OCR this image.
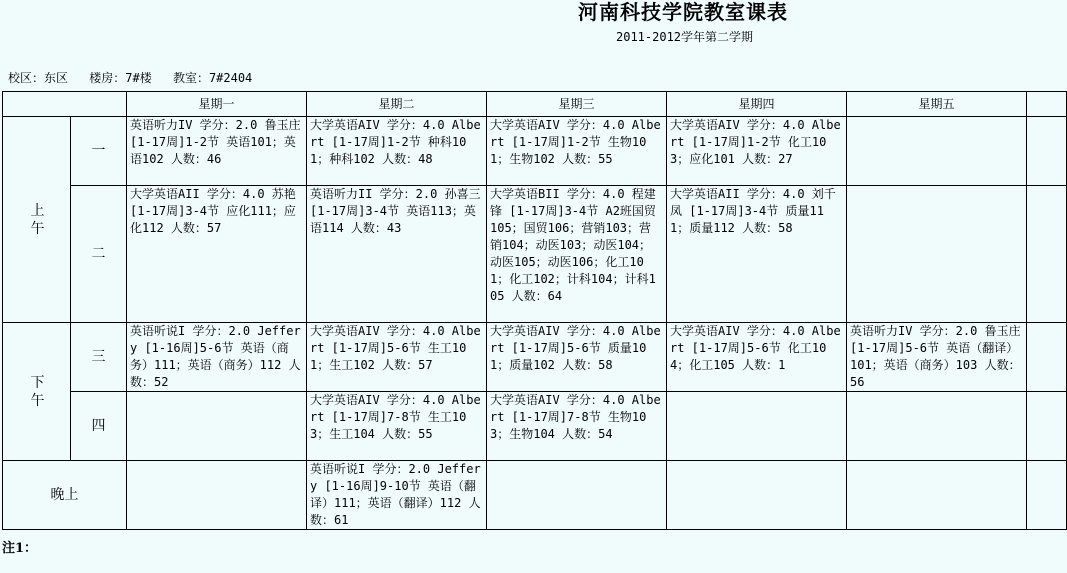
河南科技学院教室课表
2011-2012学年第二学期
校区：东区 楼房：7#楼 教室：7#2404
		星期一	星期二	星期三	星期四	星期五	

上午	一	英语听力IV 学分：2.0 鲁玉庄 [1-17周]1-2节 英语101；英语102 人数：46	大学英语AIV 学分：4.0 Albert [1-17周]1-2节 种科101；种科102 人数：48	大学英语AIV 学分：4.0 Albert [1-17周]1-2节 生物101；生物102 人数：55	大学英语AIV 学分：4.0 Albert [1-17周]1-2节 化工103；应化101 人数：27		
	二	大学英语AII 学分：4.0 苏艳 [1-17周]3-4节 应化111；应化112 人数：57	英语听力II 学分：2.0 孙喜三 [1-17周]3-4节 英语113；英语114 人数：43	大学英语BII 学分：4.0 程建锋 [1-17周]3-4节 A2班国贸105；国贸106；营销103；营销104；动医103；动医104；动医105；动医106；化工101；化工102；计科104；计科105 人数：64	大学英语AII 学分：4.0 刘千凤 [1-17周]3-4节 质量111；质量112 人数：58		

下午	三	英语听说I 学分：2.0 Jeffery [1-16周]5-6节 英语（商务）111；英语（商务）112 人数：52	大学英语AIV 学分：4.0 Albert [1-17周]5-6节 生工101；生工102 人数：57	大学英语AIV 学分：4.0 Albert [1-17周]5-6节 质量101；质量102 人数：58	大学英语AIV 学分：4.0 Albert [1-17周]5-6节 化工104；化工105 人数：1	英语听力IV 学分：2.0 鲁玉庄 [1-17周]5-6节 英语（翻译）101；英语（商务）103 人数：56	
	四		大学英语AIV 学分：4.0 Albert [1-17周]7-8节 生工103；生工104 人数：55	大学英语AIV 学分：4.0 Albert [1-17周]7-8节 生物103；生物104 人数：54			
晚上			英语听说I 学分：2.0 Jeffery [1-16周]9-10节 英语（翻译）111；英语（翻译）112 人数：61				
注1：
